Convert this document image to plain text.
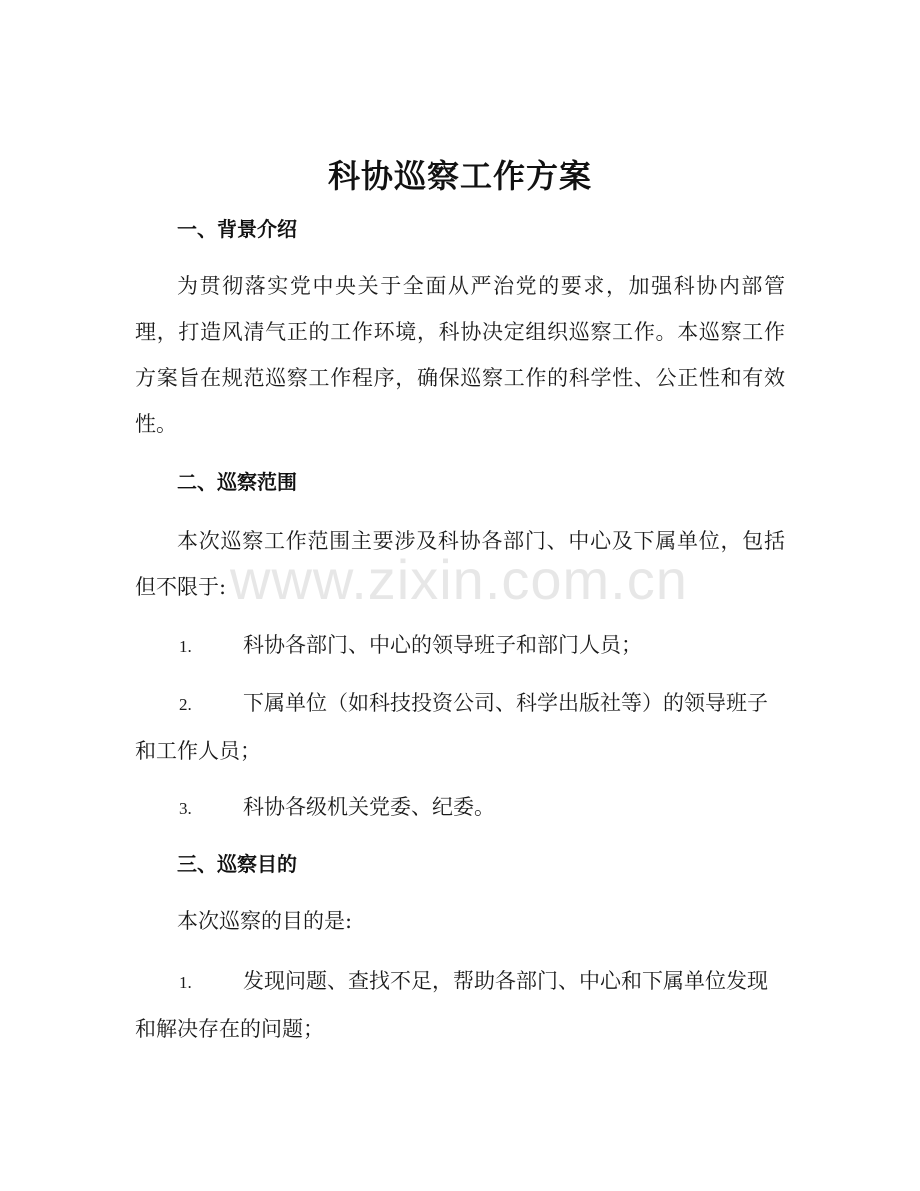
科协巡察工作方案
一、背景介绍

为贯彻落实党中央关于全面从严治党的要求，加强科协内部管理，打造风清气正的工作环境，科协决定组织巡察工作。本巡察工作方案旨在规范巡察工作程序，确保巡察工作的科学性、公正性和有效性。

二、巡察范围

本次巡察工作范围主要涉及科协各部门、中心及下属单位，包括但不限于:

1. 科协各部门、中心的领导班子和部门人员；

2. 下属单位（如科技投资公司、科学出版社等）的领导班子和工作人员；

3. 科协各级机关党委、纪委。

三、巡察目的

本次巡察的目的是:

1. 发现问题、查找不足，帮助各部门、中心和下属单位发现和解决存在的问题；

www.zixin.com.cn
